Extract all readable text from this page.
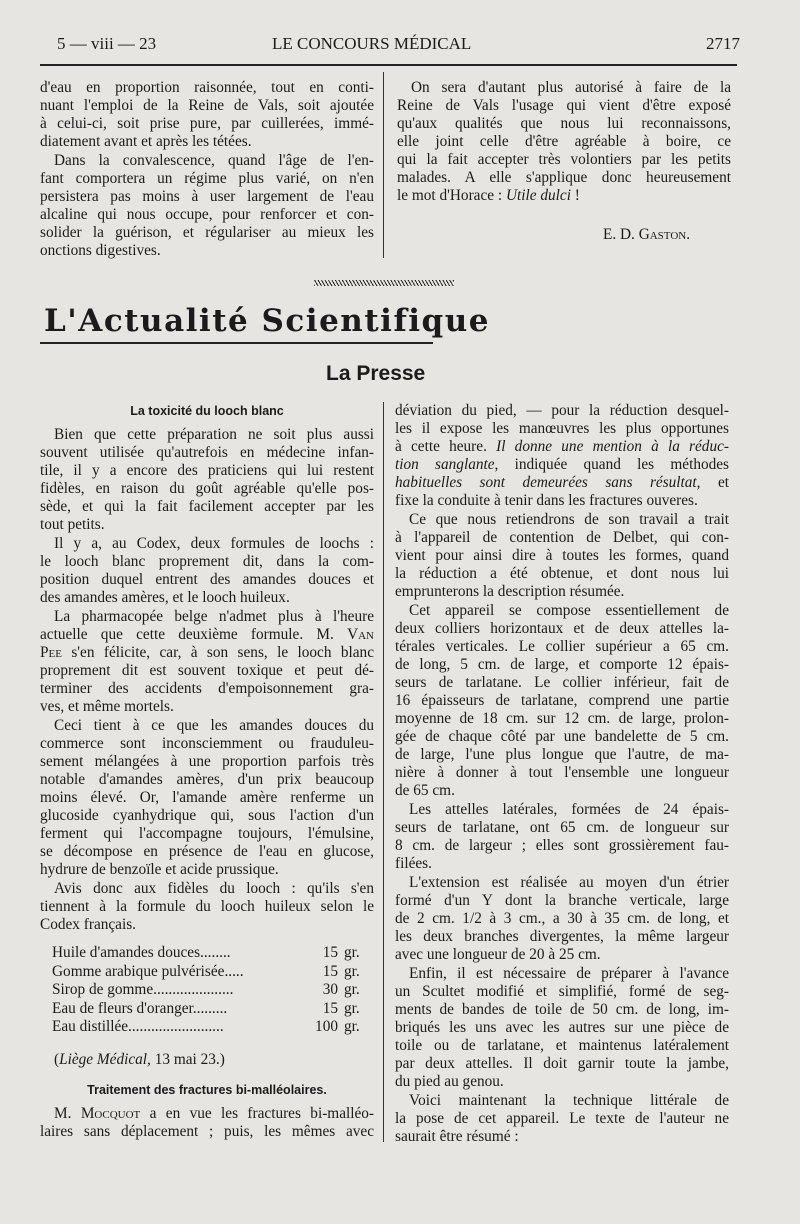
5 — viii — 23	LE CONCOURS MÉDICAL	2717
d'eau en proportion raisonnée, tout en conti-
nuant l'emploi de la Reine de Vals, soit ajoutée
à celui-ci, soit prise pure, par cuillerées, immé-
diatement avant et après les tétées.
Dans la convalescence, quand l'âge de l'en-
fant comportera un régime plus varié, on n'en
persistera pas moins à user largement de l'eau
alcaline qui nous occupe, pour renforcer et con-
solider la guérison, et régulariser au mieux les
onctions digestives.
On sera d'autant plus autorisé à faire de la
Reine de Vals l'usage qui vient d'être exposé
qu'aux qualités que nous lui reconnaissons,
elle joint celle d'être agréable à boire, ce
qui la fait accepter très volontiers par les petits
malades. A elle s'applique donc heureusement
le mot d'Horace : Utile dulci !
E. D. Gaston.
L'Actualité Scientifique
La Presse
La toxicité du looch blanc
Bien que cette préparation ne soit plus aussi
souvent utilisée qu'autrefois en médecine infan-
tile, il y a encore des praticiens qui lui restent
fidèles, en raison du goût agréable qu'elle pos-
sède, et qui la fait facilement accepter par les
tout petits.
Il y a, au Codex, deux formules de loochs :
le looch blanc proprement dit, dans la com-
position duquel entrent des amandes douces et
des amandes amères, et le looch huileux.
La pharmacopée belge n'admet plus à l'heure
actuelle que cette deuxième formule. M. Van
Pee s'en félicite, car, à son sens, le looch blanc
proprement dit est souvent toxique et peut dé-
terminer des accidents d'empoisonnement gra-
ves, et même mortels.
Ceci tient à ce que les amandes douces du
commerce sont inconsciemment ou frauduleu-
sement mélangées à une proportion parfois très
notable d'amandes amères, d'un prix beaucoup
moins élevé. Or, l'amande amère renferme un
glucoside cyanhydrique qui, sous l'action d'un
ferment qui l'accompagne toujours, l'émulsine,
se décompose en présence de l'eau en glucose,
hydrure de benzoïle et acide prussique.
Avis donc aux fidèles du looch : qu'ils s'en
tiennent à la formule du looch huileux selon le
Codex français.
Huile d'amandes douces........	15 gr.
Gomme arabique pulvérisée.....	15 gr.
Sirop de gomme.....................	30 gr.
Eau de fleurs d'oranger.........	15 gr.
Eau distillée.........................	100 gr.
(Liège Médical, 13 mai 23.)
Traitement des fractures bi-malléolaires.
M. Mocquot a en vue les fractures bi-malléo-
laires sans déplacement ; puis, les mêmes avec
déviation du pied, — pour la réduction desquel-
les il expose les manœuvres les plus opportunes
à cette heure. Il donne une mention à la réduc-
tion sanglante, indiquée quand les méthodes
habituelles sont demeurées sans résultat, et
fixe la conduite à tenir dans les fractures ouveres.
Ce que nous retiendrons de son travail a trait
à l'appareil de contention de Delbet, qui con-
vient pour ainsi dire à toutes les formes, quand
la réduction a été obtenue, et dont nous lui
emprunterons la description résumée.
Cet appareil se compose essentiellement de
deux colliers horizontaux et de deux attelles la-
térales verticales. Le collier supérieur a 65 cm.
de long, 5 cm. de large, et comporte 12 épais-
seurs de tarlatane. Le collier inférieur, fait de
16 épaisseurs de tarlatane, comprend une partie
moyenne de 18 cm. sur 12 cm. de large, prolon-
gée de chaque côté par une bandelette de 5 cm.
de large, l'une plus longue que l'autre, de ma-
nière à donner à tout l'ensemble une longueur
de 65 cm.
Les attelles latérales, formées de 24 épais-
seurs de tarlatane, ont 65 cm. de longueur sur
8 cm. de largeur ; elles sont grossièrement fau-
filées.
L'extension est réalisée au moyen d'un étrier
formé d'un Y dont la branche verticale, large
de 2 cm. 1/2 à 3 cm., a 30 à 35 cm. de long, et
les deux branches divergentes, la même largeur
avec une longueur de 20 à 25 cm.
Enfin, il est nécessaire de préparer à l'avance
un Scultet modifié et simplifié, formé de seg-
ments de bandes de toile de 50 cm. de long, im-
briqués les uns avec les autres sur une pièce de
toile ou de tarlatane, et maintenus latéralement
par deux attelles. Il doit garnir toute la jambe,
du pied au genou.
Voici maintenant la technique littérale de
la pose de cet appareil. Le texte de l'auteur ne
saurait être résumé :
